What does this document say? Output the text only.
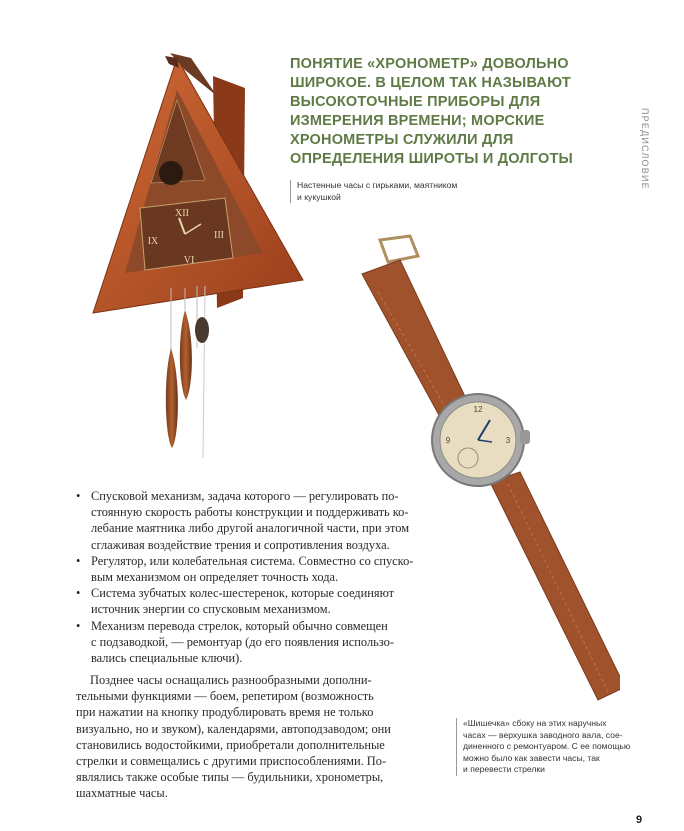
XII
III
VI
IX
12
3
9
ПОНЯТИЕ «ХРОНОМЕТР» ДОВОЛЬНО
ШИРОКОЕ. В ЦЕЛОМ ТАК НАЗЫВАЮТ
ВЫСОКОТОЧНЫЕ ПРИБОРЫ ДЛЯ
ИЗМЕРЕНИЯ ВРЕМЕНИ; МОРСКИЕ
ХРОНОМЕТРЫ СЛУЖИЛИ ДЛЯ
ОПРЕДЕЛЕНИЯ ШИРОТЫ И ДОЛГОТЫ	ПРЕДИСЛОВИЕ
Настенные часы с гирьками, маятником
и кукушкой
• Спусковой механизм, задача которого — регулировать по-
стоянную скорость работы конструкции и поддерживать ко-
лебание маятника либо другой аналогичной части, при этом
сглаживая воздействие трения и сопротивления воздуха.
• Регулятор, или колебательная система. Совместно со спуско-
вым механизмом он определяет точность хода.
• Система зубчатых колес-шестеренок, которые соединяют
источник энергии со спусковым механизмом.
• Механизм перевода стрелок, который обычно совмещен
с подзаводкой, — ремонтуар (до его появления использо-
вались специальные ключи).
Позднее часы оснащались разнообразными дополни-
тельными функциями — боем, репетиром (возможность
при нажатии на кнопку продублировать время не только
визуально, но и звуком), календарями, автоподзаводом; они
становились водостойкими, приобретали дополнительные
стрелки и совмещались с другими приспособлениями. По-
являлись также особые типы — будильники, хронометры,
шахматные часы.
«Шишечка» сбоку на этих наручных
часах — верхушка заводного вала, сое-
диненного с ремонтуаром. С ее помощью
можно было как завести часы, так
и перевести стрелки
9
